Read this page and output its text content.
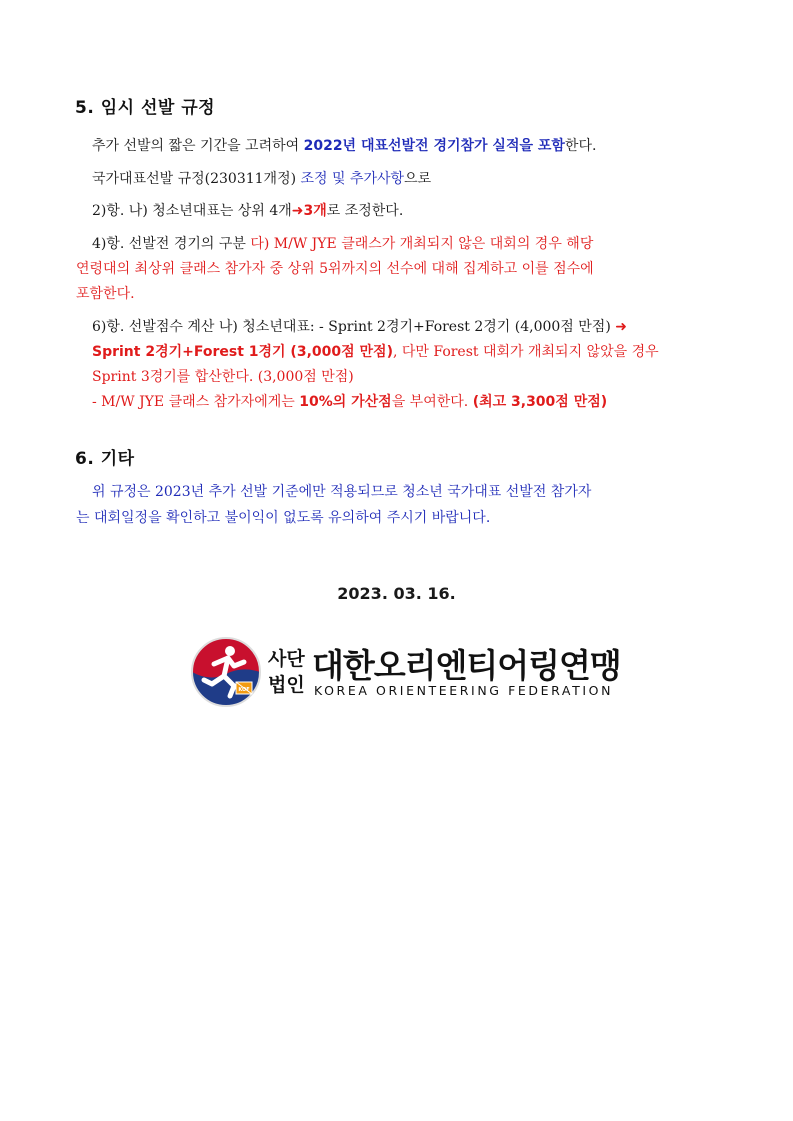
5. 임시 선발 규정
추가 선발의 짧은 기간을 고려하여 2022년 대표선발전 경기참가 실적을 포함한다.
국가대표선발 규정(230311개정) 조정 및 추가사항으로
2)항. 나) 청소년대표는 상위 4개➜3개로 조정한다.
4)항. 선발전 경기의 구분 다) M/W JYE 클래스가 개최되지 않은 대회의 경우 해당
연령대의 최상위 클래스 참가자 중 상위 5위까지의 선수에 대해 집계하고 이를 점수에
포함한다.
6)항. 선발점수 계산 나) 청소년대표: - Sprint 2경기+Forest 2경기 (4,000점 만점) ➜
Sprint 2경기+Forest 1경기 (3,000점 만점), 다만 Forest 대회가 개최되지 않았을 경우
Sprint 3경기를 합산한다. (3,000점 만점)
- M/W JYE 클래스 참가자에게는 10%의 가산점을 부여한다. (최고 3,300점 만점)
6. 기타
위 규정은 2023년 추가 선발 기준에만 적용되므로 청소년 국가대표 선발전 참가자
는 대회일정을 확인하고 불이익이 없도록 유의하여 주시기 바랍니다.
2023. 03. 16.
KOF
사단
법인 대한오리엔티어링연맹
KOREA ORIENTEERING FEDERATION
